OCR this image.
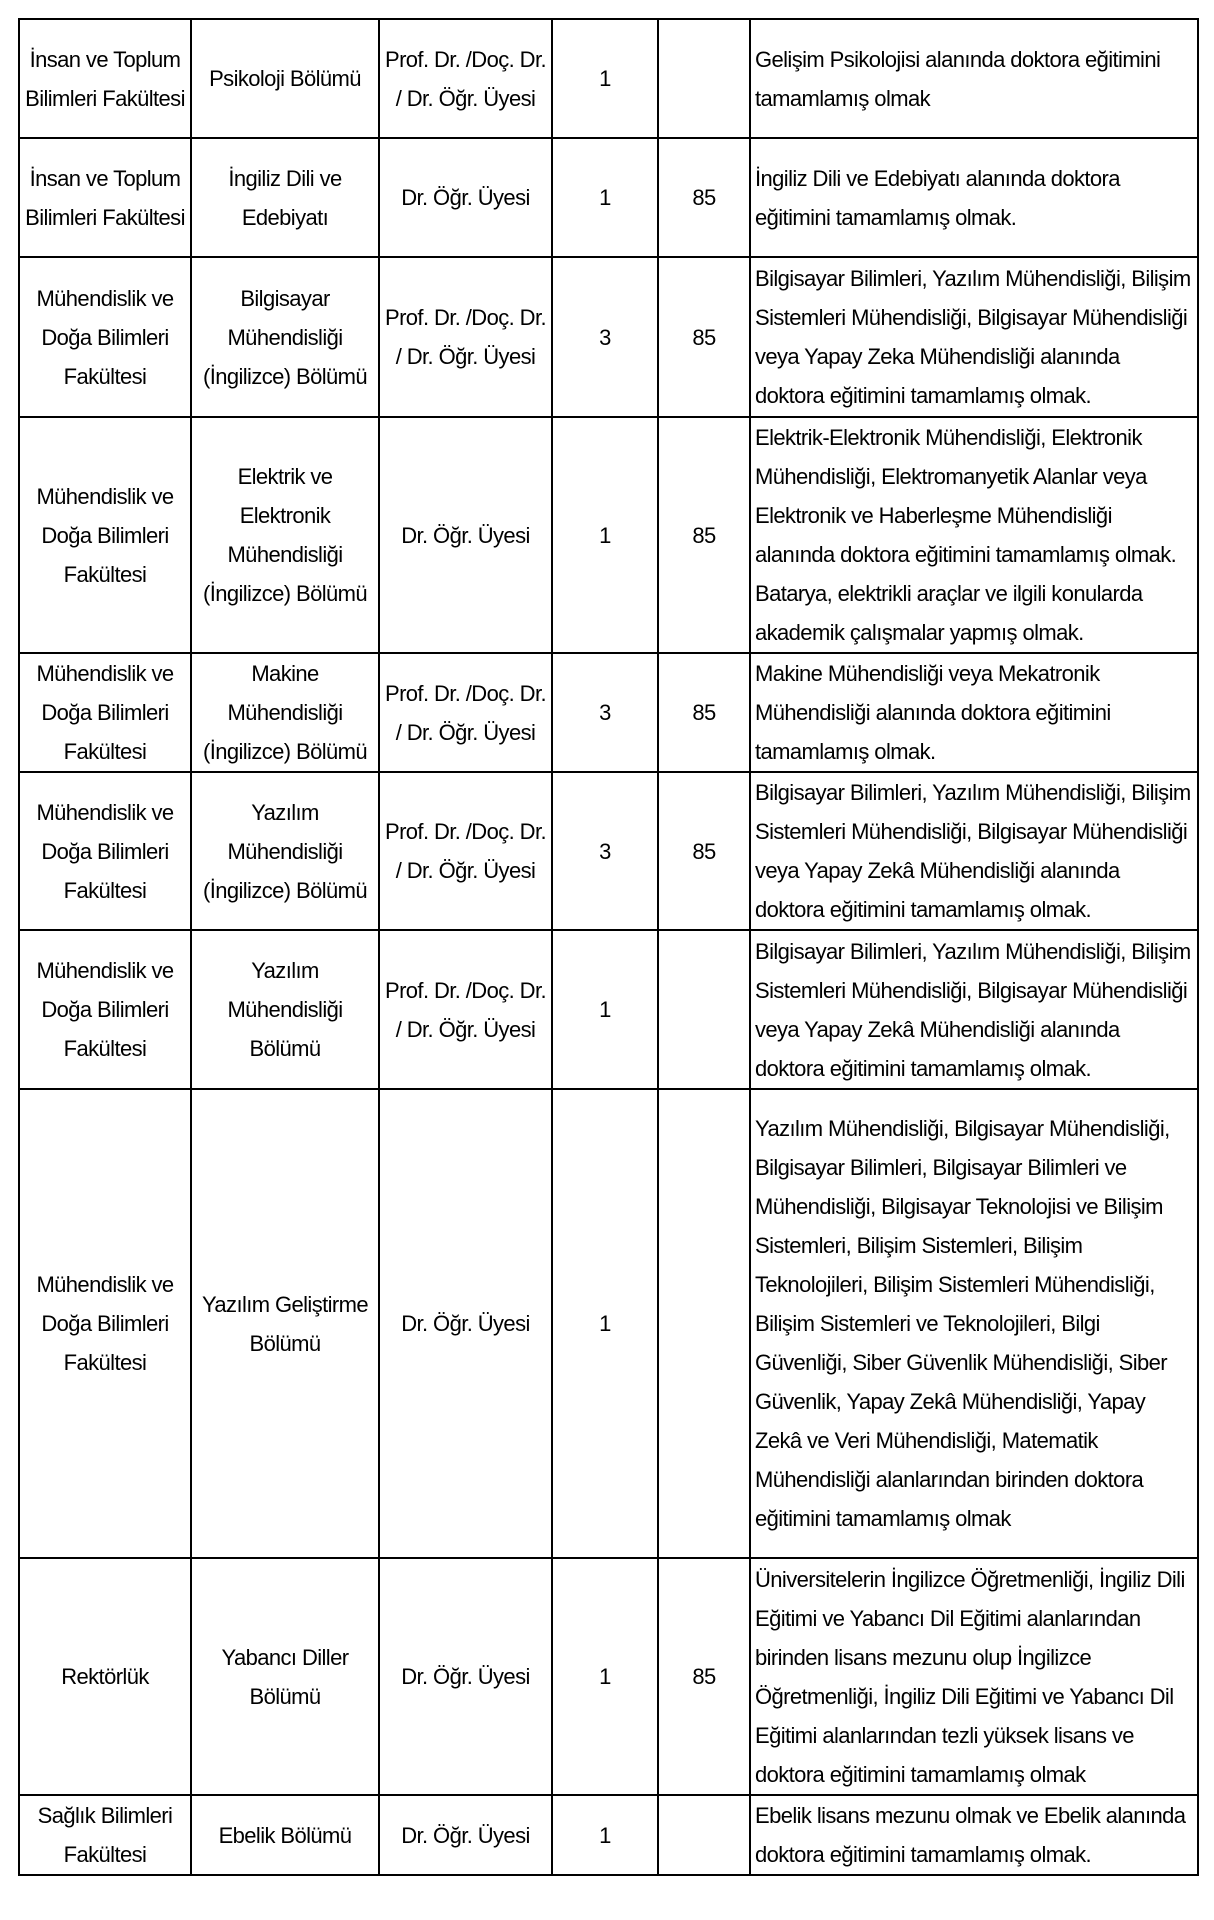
İnsan ve Toplum Bilimleri Fakültesi	Psikoloji Bölümü	Prof. Dr. /Doç. Dr. / Dr. Öğr. Üyesi	1		Gelişim Psikolojisi alanında doktora eğitimini tamamlamış olmak
İnsan ve Toplum Bilimleri Fakültesi	İngiliz Dili ve Edebiyatı	Dr. Öğr. Üyesi	1	85	İngiliz Dili ve Edebiyatı alanında doktora eğitimini tamamlamış olmak.
Mühendislik ve Doğa Bilimleri Fakültesi	Bilgisayar Mühendisliği (İngilizce) Bölümü	Prof. Dr. /Doç. Dr. / Dr. Öğr. Üyesi	3	85	Bilgisayar Bilimleri, Yazılım Mühendisliği, Bilişim Sistemleri Mühendisliği, Bilgisayar Mühendisliği veya Yapay Zeka Mühendisliği alanında doktora eğitimini tamamlamış olmak.
Mühendislik ve Doğa Bilimleri Fakültesi	Elektrik ve Elektronik Mühendisliği (İngilizce) Bölümü	Dr. Öğr. Üyesi	1	85	Elektrik-Elektronik Mühendisliği, Elektronik Mühendisliği, Elektromanyetik Alanlar veya Elektronik ve Haberleşme Mühendisliği alanında doktora eğitimini tamamlamış olmak. Batarya, elektrikli araçlar ve ilgili konularda akademik çalışmalar yapmış olmak.
Mühendislik ve Doğa Bilimleri Fakültesi	Makine Mühendisliği (İngilizce) Bölümü	Prof. Dr. /Doç. Dr. / Dr. Öğr. Üyesi	3	85	Makine Mühendisliği veya Mekatronik Mühendisliği alanında doktora eğitimini tamamlamış olmak.
Mühendislik ve Doğa Bilimleri Fakültesi	Yazılım Mühendisliği (İngilizce) Bölümü	Prof. Dr. /Doç. Dr. / Dr. Öğr. Üyesi	3	85	Bilgisayar Bilimleri, Yazılım Mühendisliği, Bilişim Sistemleri Mühendisliği, Bilgisayar Mühendisliği veya Yapay Zekâ Mühendisliği alanında doktora eğitimini tamamlamış olmak.
Mühendislik ve Doğa Bilimleri Fakültesi	Yazılım Mühendisliği Bölümü	Prof. Dr. /Doç. Dr. / Dr. Öğr. Üyesi	1		Bilgisayar Bilimleri, Yazılım Mühendisliği, Bilişim Sistemleri Mühendisliği, Bilgisayar Mühendisliği veya Yapay Zekâ Mühendisliği alanında doktora eğitimini tamamlamış olmak.
Mühendislik ve Doğa Bilimleri Fakültesi	Yazılım Geliştirme Bölümü	Dr. Öğr. Üyesi	1		Yazılım Mühendisliği, Bilgisayar Mühendisliği, Bilgisayar Bilimleri, Bilgisayar Bilimleri ve Mühendisliği, Bilgisayar Teknolojisi ve Bilişim Sistemleri, Bilişim Sistemleri, Bilişim Teknolojileri, Bilişim Sistemleri Mühendisliği, Bilişim Sistemleri ve Teknolojileri, Bilgi Güvenliği, Siber Güvenlik Mühendisliği, Siber Güvenlik, Yapay Zekâ Mühendisliği, Yapay Zekâ ve Veri Mühendisliği, Matematik Mühendisliği alanlarından birinden doktora eğitimini tamamlamış olmak
Rektörlük	Yabancı Diller Bölümü	Dr. Öğr. Üyesi	1	85	Üniversitelerin İngilizce Öğretmenliği, İngiliz Dili Eğitimi ve Yabancı Dil Eğitimi alanlarından birinden lisans mezunu olup İngilizce Öğretmenliği, İngiliz Dili Eğitimi ve Yabancı Dil Eğitimi alanlarından tezli yüksek lisans ve doktora eğitimini tamamlamış olmak
Sağlık Bilimleri Fakültesi	Ebelik Bölümü	Dr. Öğr. Üyesi	1		Ebelik lisans mezunu olmak ve Ebelik alanında doktora eğitimini tamamlamış olmak.
